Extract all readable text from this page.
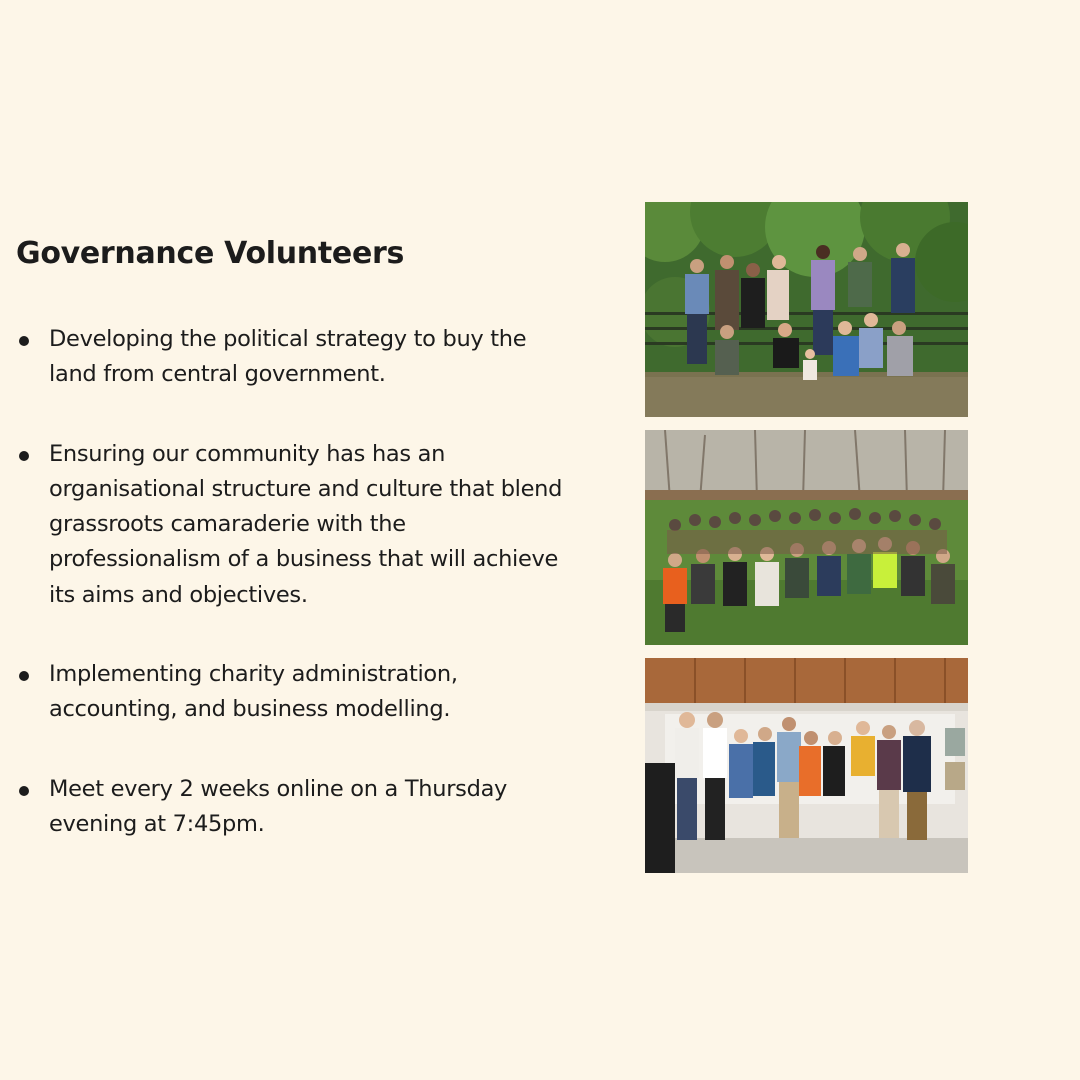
Governance Volunteers
Developing the political strategy to buy the land from central government.
Ensuring our community has has an organisational structure and culture that blend grassroots camaraderie with the professionalism of a business that will achieve its aims and objectives.
Implementing charity administration, accounting, and business modelling.
Meet every 2 weeks online on a Thursday evening at 7:45pm.
